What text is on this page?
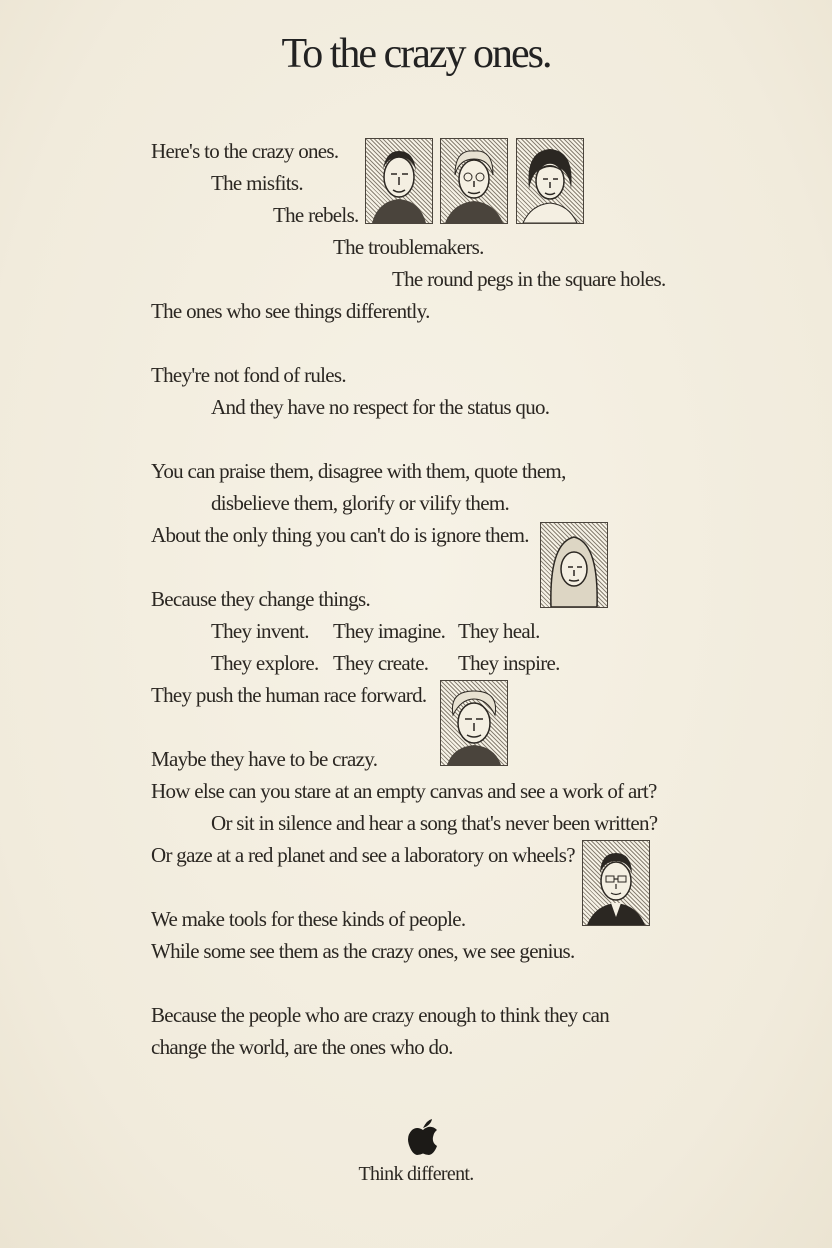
To the crazy ones.
Here's to the crazy ones.
The misfits.
The rebels.
The troublemakers.
The round pegs in the square holes.
The ones who see things differently.
They're not fond of rules.
And they have no respect for the status quo.
You can praise them, disagree with them, quote them,
disbelieve them, glorify or vilify them.
About the only thing you can't do is ignore them.
Because they change things.
They invent. They imagine. They heal.
They explore. They create. They inspire.
They push the human race forward.
Maybe they have to be crazy.
How else can you stare at an empty canvas and see a work of art?
Or sit in silence and hear a song that's never been written?
Or gaze at a red planet and see a laboratory on wheels?
We make tools for these kinds of people.
While some see them as the crazy ones, we see genius.
Because the people who are crazy enough to think they can
change the world, are the ones who do.
Think different.
